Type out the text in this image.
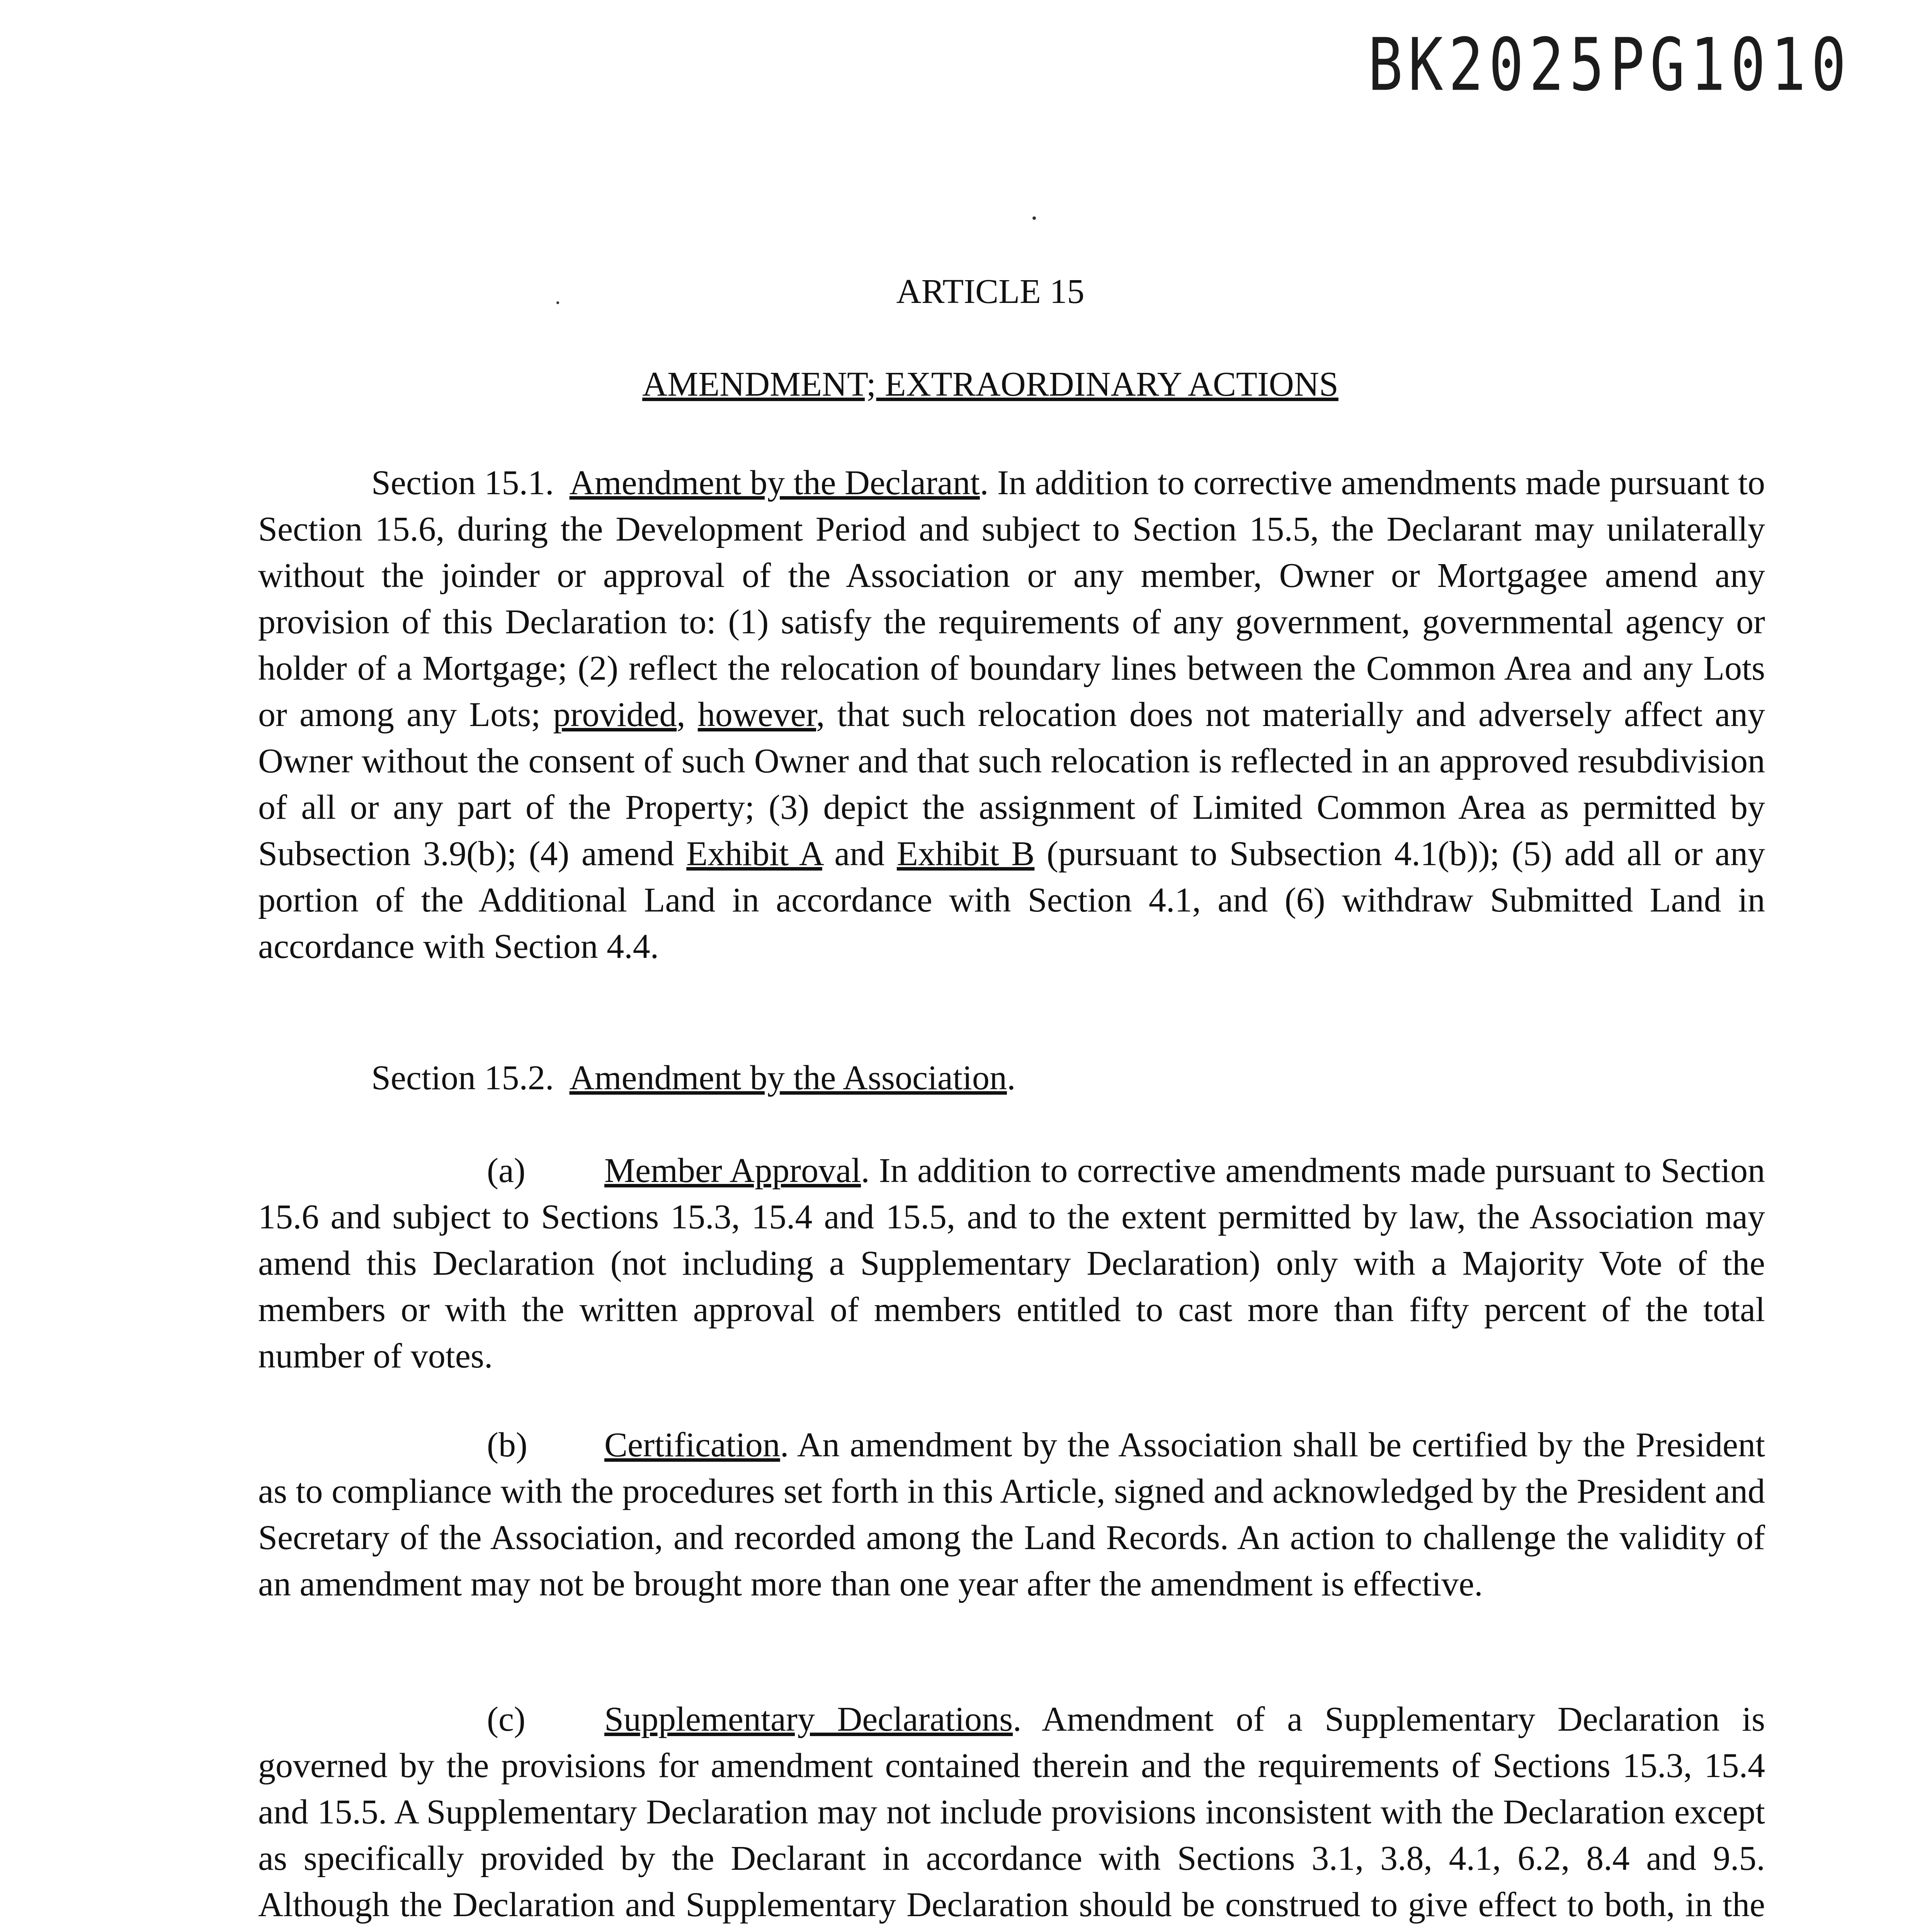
BK2025PG1010
ARTICLE 15
AMENDMENT; EXTRAORDINARY ACTIONS
Section 15.1. Amendment by the Declarant. In addition to corrective amendments made pursuant to Section 15.6, during the Development Period and subject to Section 15.5, the Declarant may unilaterally without the joinder or approval of the Association or any member, Owner or Mortgagee amend any provision of this Declaration to: (1) satisfy the requirements of any government, governmental agency or holder of a Mortgage; (2) reflect the relocation of boundary lines between the Common Area and any Lots or among any Lots; provided, however, that such relocation does not materially and adversely affect any Owner without the consent of such Owner and that such relocation is reflected in an approved resubdivision of all or any part of the Property; (3) depict the assignment of Limited Common Area as permitted by Subsection 3.9(b); (4) amend Exhibit A and Exhibit B (pursuant to Subsection 4.1(b)); (5) add all or any portion of the Additional Land in accordance with Section 4.1, and (6) withdraw Submitted Land in accordance with Section 4.4.
Section 15.2. Amendment by the Association.
(a) Member Approval. In addition to corrective amendments made pursuant to Section 15.6 and subject to Sections 15.3, 15.4 and 15.5, and to the extent permitted by law, the Association may amend this Declaration (not including a Supplementary Declaration) only with a Majority Vote of the members or with the written approval of members entitled to cast more than fifty percent of the total number of votes.
(b) Certification. An amendment by the Association shall be certified by the President as to compliance with the procedures set forth in this Article, signed and acknowledged by the President and Secretary of the Association, and recorded among the Land Records. An action to challenge the validity of an amendment may not be brought more than one year after the amendment is effective.
(c) Supplementary Declarations. Amendment of a Supplementary Declaration is governed by the provisions for amendment contained therein and the requirements of Sections 15.3, 15.4 and 15.5. A Supplementary Declaration may not include provisions inconsistent with the Declaration except as specifically provided by the Declarant in accordance with Sections 3.1, 3.8, 4.1, 6.2, 8.4 and 9.5. Although the Declaration and Supplementary Declaration should be construed to give effect to both, in the
